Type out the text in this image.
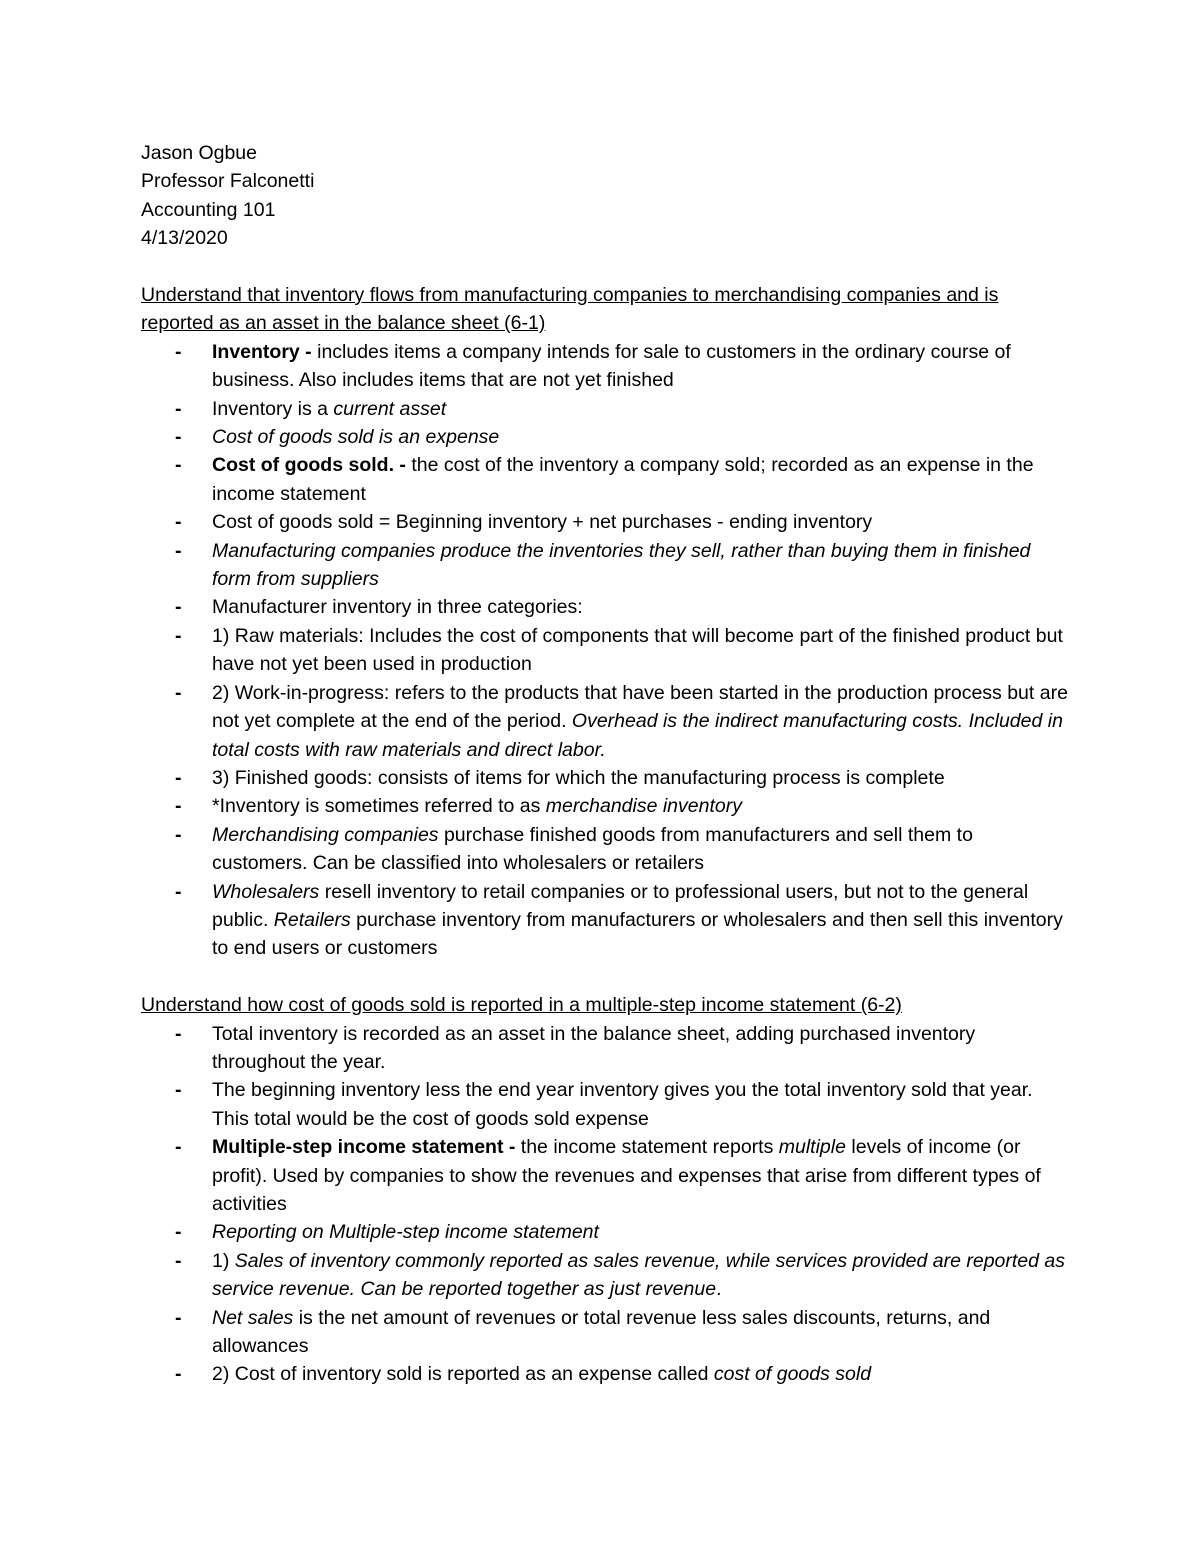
Jason Ogbue
Professor Falconetti
Accounting 101
4/13/2020
Understand that inventory flows from manufacturing companies to merchandising companies and is reported as an asset in the balance sheet (6-1)
- Inventory - includes items a company intends for sale to customers in the ordinary course of business. Also includes items that are not yet finished
- Inventory is a current asset
- Cost of goods sold is an expense
- Cost of goods sold. - the cost of the inventory a company sold; recorded as an expense in the income statement
- Cost of goods sold = Beginning inventory + net purchases - ending inventory
- Manufacturing companies produce the inventories they sell, rather than buying them in finished form from suppliers
- Manufacturer inventory in three categories:
- 1) Raw materials: Includes the cost of components that will become part of the finished product but have not yet been used in production
- 2) Work-in-progress: refers to the products that have been started in the production process but are not yet complete at the end of the period. Overhead is the indirect manufacturing costs. Included in total costs with raw materials and direct labor.
- 3) Finished goods: consists of items for which the manufacturing process is complete
- *Inventory is sometimes referred to as merchandise inventory
- Merchandising companies purchase finished goods from manufacturers and sell them to customers. Can be classified into wholesalers or retailers
- Wholesalers resell inventory to retail companies or to professional users, but not to the general public. Retailers purchase inventory from manufacturers or wholesalers and then sell this inventory to end users or customers
Understand how cost of goods sold is reported in a multiple-step income statement (6-2)
- Total inventory is recorded as an asset in the balance sheet, adding purchased inventory throughout the year.
- The beginning inventory less the end year inventory gives you the total inventory sold that year. This total would be the cost of goods sold expense
- Multiple-step income statement - the income statement reports multiple levels of income (or profit). Used by companies to show the revenues and expenses that arise from different types of activities
- Reporting on Multiple-step income statement
- 1) Sales of inventory commonly reported as sales revenue, while services provided are reported as service revenue. Can be reported together as just revenue.
- Net sales is the net amount of revenues or total revenue less sales discounts, returns, and allowances
- 2) Cost of inventory sold is reported as an expense called cost of goods sold
